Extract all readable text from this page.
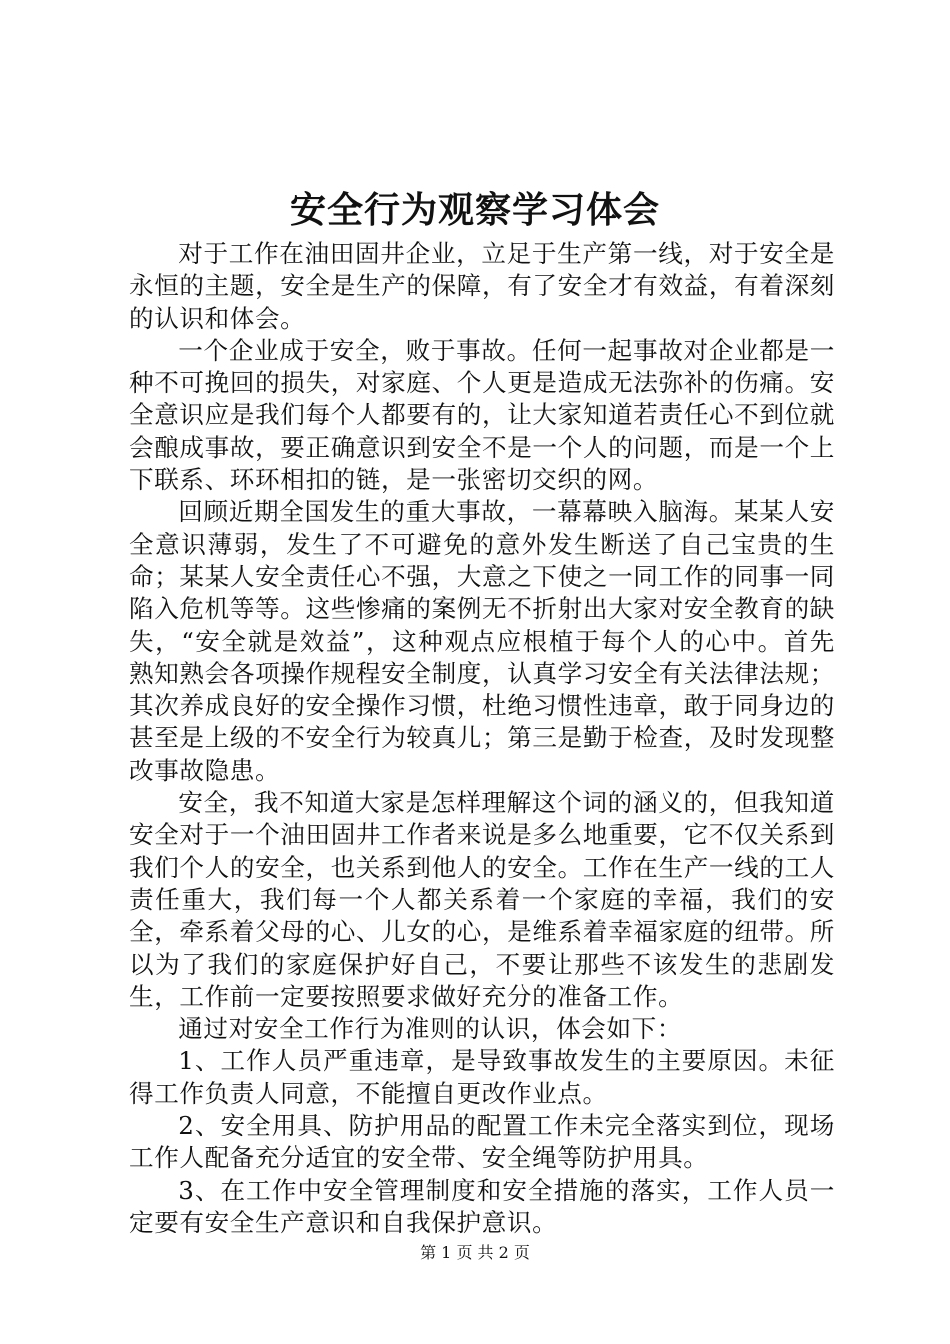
安全行为观察学习体会

对于工作在油田固井企业，立足于生产第一线，对于安全是永恒的主题，安全是生产的保障，有了安全才有效益，有着深刻的认识和体会。

一个企业成于安全，败于事故。任何一起事故对企业都是一种不可挽回的损失，对家庭、个人更是造成无法弥补的伤痛。安全意识应是我们每个人都要有的，让大家知道若责任心不到位就会酿成事故，要正确意识到安全不是一个人的问题，而是一个上下联系、环环相扣的链，是一张密切交织的网。

回顾近期全国发生的重大事故，一幕幕映入脑海。某某人安全意识薄弱，发生了不可避免的意外发生断送了自己宝贵的生命；某某人安全责任心不强，大意之下使之一同工作的同事一同陷入危机等等。这些惨痛的案例无不折射出大家对安全教育的缺失，“安全就是效益”，这种观点应根植于每个人的心中。首先熟知熟会各项操作规程安全制度，认真学习安全有关法律法规；其次养成良好的安全操作习惯，杜绝习惯性违章，敢于同身边的甚至是上级的不安全行为较真儿；第三是勤于检查，及时发现整改事故隐患。

安全，我不知道大家是怎样理解这个词的涵义的，但我知道安全对于一个油田固井工作者来说是多么地重要，它不仅关系到我们个人的安全，也关系到他人的安全。工作在生产一线的工人责任重大，我们每一个人都关系着一个家庭的幸福，我们的安全，牵系着父母的心、儿女的心，是维系着幸福家庭的纽带。所以为了我们的家庭保护好自己，不要让那些不该发生的悲剧发生，工作前一定要按照要求做好充分的准备工作。

通过对安全工作行为准则的认识，体会如下：

1、工作人员严重违章，是导致事故发生的主要原因。未征得工作负责人同意，不能擅自更改作业点。

2、安全用具、防护用品的配置工作未完全落实到位，现场工作人配备充分适宜的安全带、安全绳等防护用具。

3、在工作中安全管理制度和安全措施的落实，工作人员一定要有安全生产意识和自我保护意识。

第 1 页 共 2 页
